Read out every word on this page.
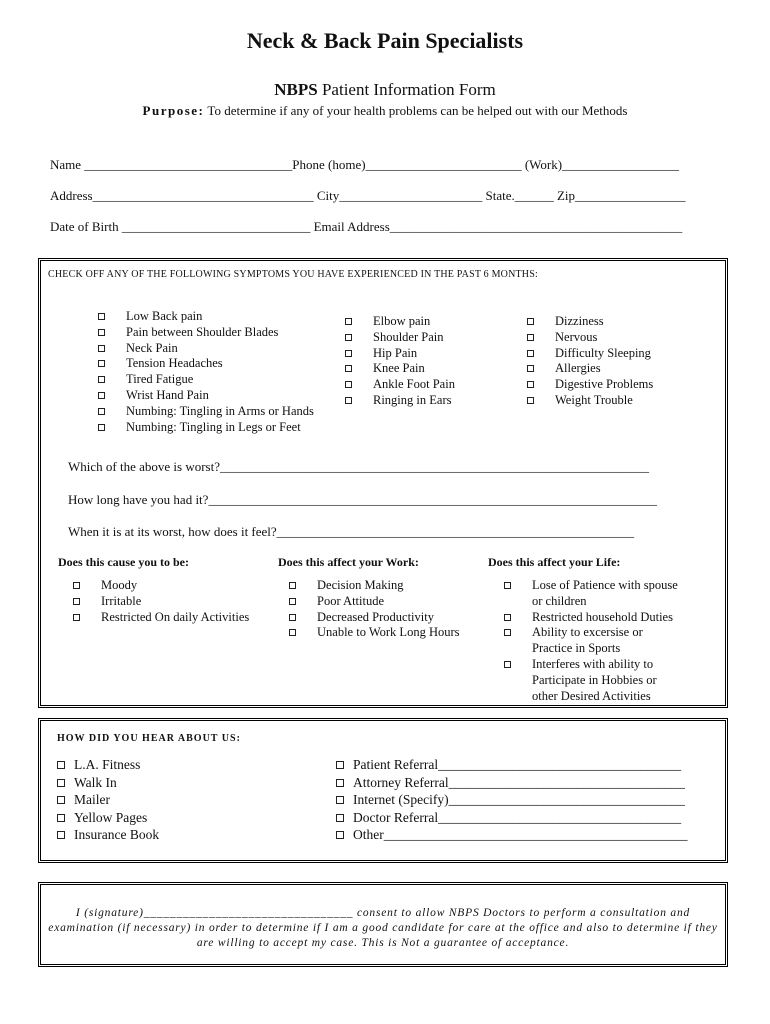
Neck & Back Pain Specialists
NBPS Patient Information Form
Purpose: To determine if any of your health problems can be helped out with our Methods
Name ________________________________Phone (home)________________________ (Work)__________________
Address__________________________________ City______________________ State.______ Zip_________________
Date of Birth _____________________________ Email Address_____________________________________________
CHECK OFF ANY OF THE FOLLOWING SYMPTOMS YOU HAVE EXPERIENCED IN THE PAST 6 MONTHS:
Low Back pain
Pain between Shoulder Blades
Neck Pain
Tension Headaches
Tired Fatigue
Wrist Hand Pain
Numbing: Tingling in Arms or Hands
Numbing: Tingling in Legs or Feet
Elbow pain
Shoulder Pain
Hip Pain
Knee Pain
Ankle Foot Pain
Ringing in Ears
Dizziness
Nervous
Difficulty Sleeping
Allergies
Digestive Problems
Weight Trouble
Which of the above is worst?__________________________________________________________________
How long have you had it?_____________________________________________________________________
When it is at its worst, how does it feel?_______________________________________________________
Does this cause you to be:	Does this affect your Work:	Does this affect your Life:
Moody
Irritable
Restricted On daily Activities
Decision Making
Poor Attitude
Decreased Productivity
Unable to Work Long Hours
Lose of Patience with spouse
or children
Restricted household Duties
Ability to excersise or
Practice in Sports
Interferes with ability to
Participate in Hobbies or
other Desired Activities
HOW DID YOU HEAR ABOUT US:
L.A. Fitness
Walk In
Mailer
Yellow Pages
Insurance Book
Patient Referral____________________________________
Attorney Referral___________________________________
Internet (Specify)___________________________________
Doctor Referral____________________________________
Other_____________________________________________
I (signature)________________________________ consent to allow NBPS Doctors to perform a consultation and examination (if necessary) in order to determine if I am a good candidate for care at the office and also to determine if they are willing to accept my case. This is Not a guarantee of acceptance.
